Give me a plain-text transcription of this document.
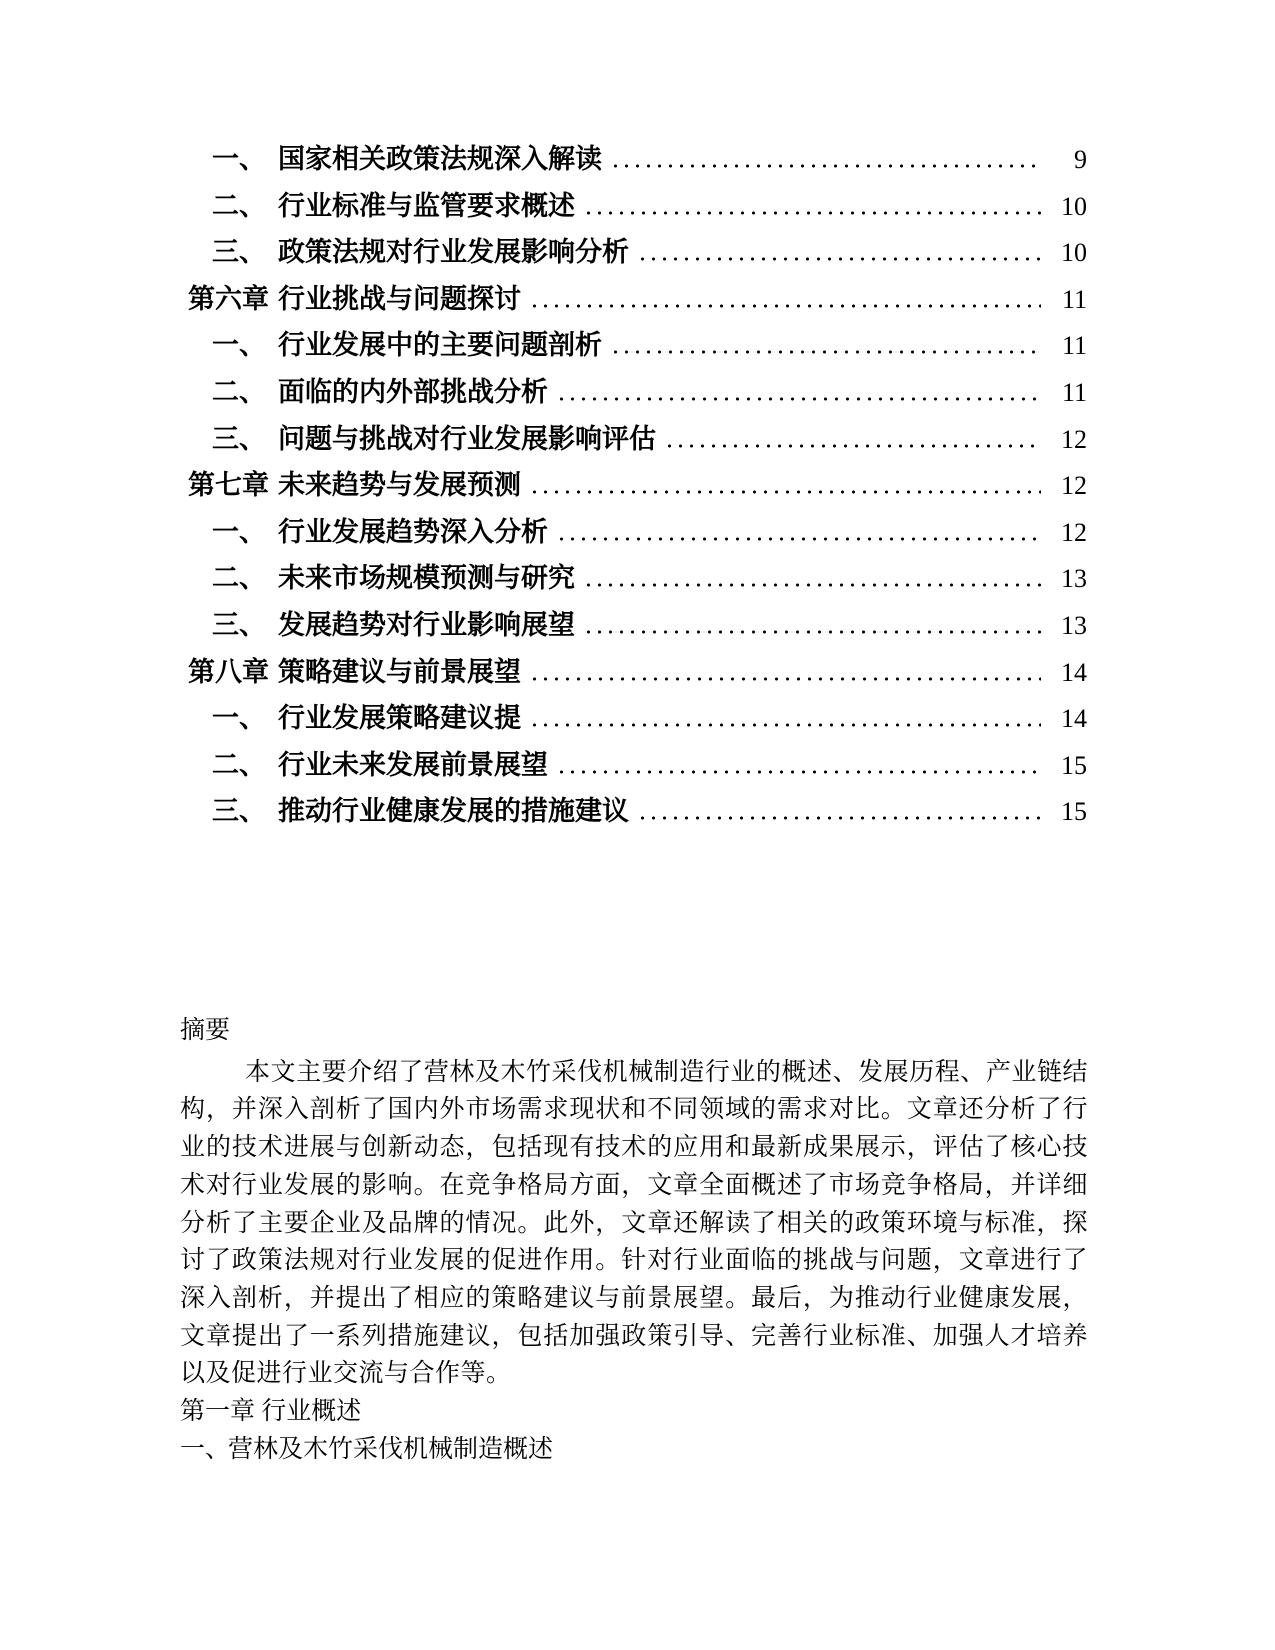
一、 国家相关政策法规深入解读	9
二、 行业标准与监管要求概述	10
三、 政策法规对行业发展影响分析	10
第六章 行业挑战与问题探讨	11
一、 行业发展中的主要问题剖析	11
二、 面临的内外部挑战分析	11
三、 问题与挑战对行业发展影响评估	12
第七章 未来趋势与发展预测	12
一、 行业发展趋势深入分析	12
二、 未来市场规模预测与研究	13
三、 发展趋势对行业影响展望	13
第八章 策略建议与前景展望	14
一、 行业发展策略建议提	14
二、 行业未来发展前景展望	15
三、 推动行业健康发展的措施建议	15
摘要

本文主要介绍了营林及木竹采伐机械制造行业的概述、发展历程、产业链结构，并深入剖析了国内外市场需求现状和不同领域的需求对比。文章还分析了行业的技术进展与创新动态，包括现有技术的应用和最新成果展示，评估了核心技术对行业发展的影响。在竞争格局方面，文章全面概述了市场竞争格局，并详细分析了主要企业及品牌的情况。此外，文章还解读了相关的政策环境与标准，探讨了政策法规对行业发展的促进作用。针对行业面临的挑战与问题，文章进行了深入剖析，并提出了相应的策略建议与前景展望。最后，为推动行业健康发展，文章提出了一系列措施建议，包括加强政策引导、完善行业标准、加强人才培养以及促进行业交流与合作等。

第一章 行业概述
一、
营林及木竹采伐机械制造概述
